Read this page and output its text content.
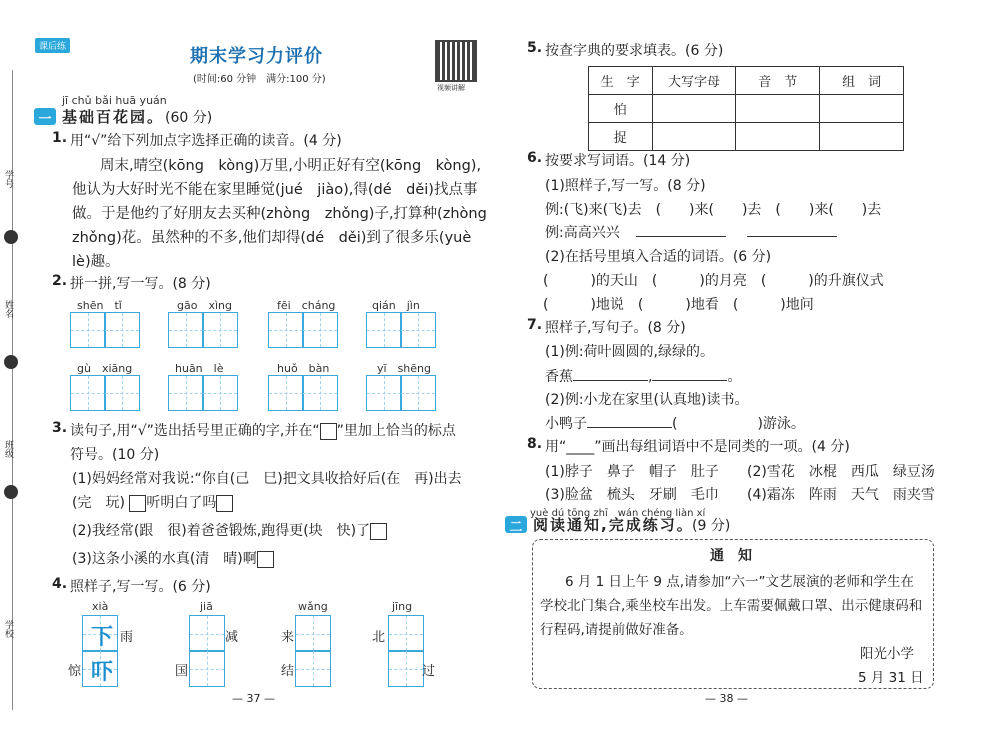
学号
姓名
班级
学校
课后练	期末学习力评价
(时间:60 分钟　满分:100 分)
视频讲解
jī chǔ bǎi huā yuán
一 基础百花园。 (60 分)
1. 用“√”给下列加点字选择正确的读音。(4 分)
周末,晴空(kōng　kòng)万里,小明正好有空(kōng　kòng),
他认为大好时光不能在家里睡觉(jué　jiào),得(dé　děi)找点事
做。于是他约了好朋友去买种(zhòng　zhǒng)子,打算种(zhòng
zhǒng)花。虽然种的不多,他们却得(dé　děi)到了很多乐(yuè
lè)趣。
2. 拼一拼,写一写。(8 分)
shēn　tǐ	gāo　xìng	fēi　cháng	qián　jìn
gù　xiāng	huān　lè	huǒ　bàn	yī　shēng
3. 读句子,用“√”选出括号里正确的字,并在“ ”里加上恰当的标点
符号。(10 分)
(1)妈妈经常对我说:“你自(己　巳)把文具收拾好后(在　再)出去
(完　玩) 听明白了吗
(2)我经常(跟　很)着爸爸锻炼,跑得更(块　快)了
(3)这条小溪的水真(清　晴)啊
4. 照样子,写一写。(6 分)
xià	jiā	wǎng	jīng
下
吓
雨	减	来	北
惊	国	结	过
— 37 —
5. 按查字典的要求填表。(6 分)
生　字	大写字母	音　节	组　词
怕			
捉			
6. 按要求写词语。(14 分)
(1)照样子,写一写。(8 分)
例:(飞)来(飞)去　(　　)来(　　)去　(　　)来(　　)去
例:高高兴兴
(2)在括号里填入合适的词语。(6 分)
(　　　)的天山　(　　　)的月亮　(　　　)的升旗仪式
(　　　)地说　(　　　)地看　(　　　)地问
7. 照样子,写句子。(8 分)
(1)例:荷叶圆圆的,绿绿的。
香蕉	,	。
(2)例:小龙在家里(认真地)读书。
小鸭子	(	)游泳。
8. 用“____”画出每组词语中不是同类的一项。(4 分)
(1)脖子　鼻子　帽子　肚子 (2)雪花　冰棍　西瓜　绿豆汤
(3)脸盆　梳头　牙刷　毛巾 (4)霜冻　阵雨　天气　雨夹雪
yuè dú tōng zhī　wán chéng liàn xí
二 阅读通知,完成练习。
(9 分)
通　知
6 月 1 日上午 9 点,请参加“六一”文艺展演的老师和学生在
学校北门集合,乘坐校车出发。上车需要佩戴口罩、出示健康码和
行程码,请提前做好准备。
阳光小学
5 月 31 日
— 38 —
